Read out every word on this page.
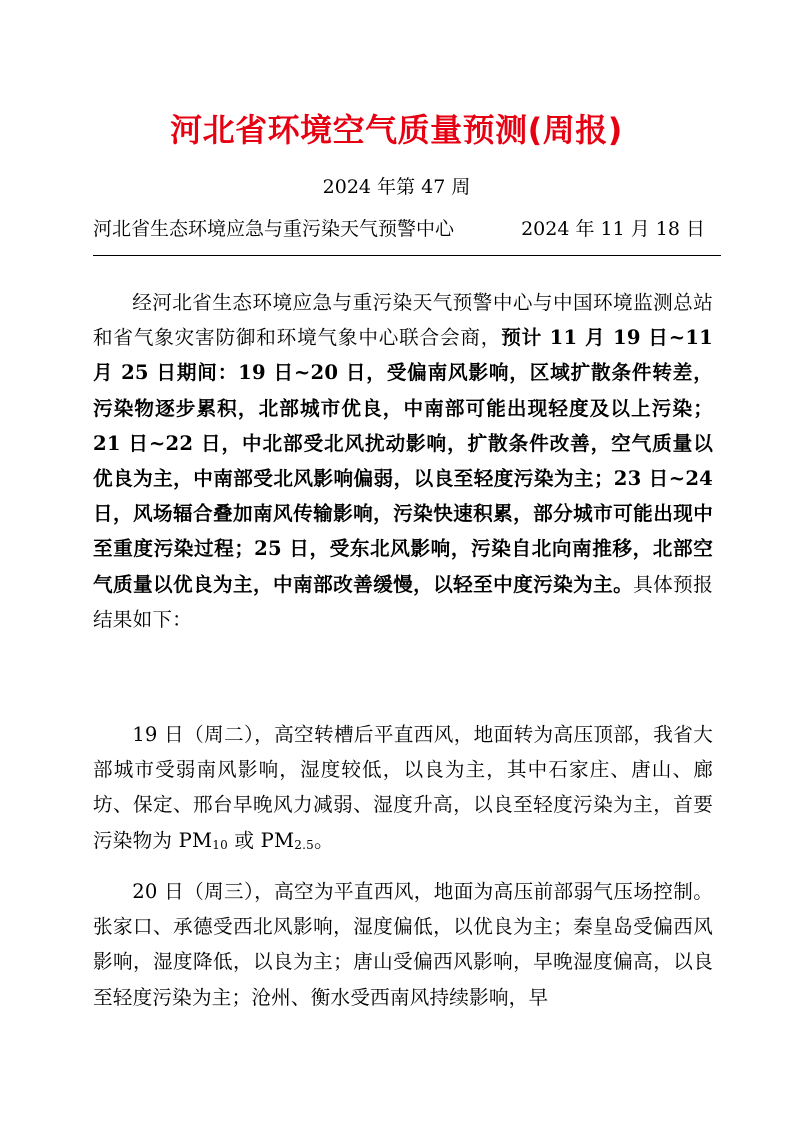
河北省环境空气质量预测(周报)
2024 年第 47 周
河北省生态环境应急与重污染天气预警中心	2024 年 11 月 18 日

经河北省生态环境应急与重污染天气预警中心与中国环境监测总站和省气象灾害防御和环境气象中心联合会商，预计 11 月 19 日~11 月 25 日期间：19 日~20 日，受偏南风影响，区域扩散条件转差，污染物逐步累积，北部城市优良，中南部可能出现轻度及以上污染；21 日~22 日，中北部受北风扰动影响，扩散条件改善，空气质量以优良为主，中南部受北风影响偏弱，以良至轻度污染为主；23 日~24 日，风场辐合叠加南风传输影响，污染快速积累，部分城市可能出现中至重度污染过程；25 日，受东北风影响，污染自北向南推移，北部空气质量以优良为主，中南部改善缓慢，以轻至中度污染为主。具体预报结果如下：

19 日（周二），高空转槽后平直西风，地面转为高压顶部，我省大部城市受弱南风影响，湿度较低，以良为主，其中石家庄、唐山、廊坊、保定、邢台早晚风力减弱、湿度升高，以良至轻度污染为主，首要污染物为 $PM_{10}$ 或 $PM_{2.5}$。

20 日（周三），高空为平直西风，地面为高压前部弱气压场控制。张家口、承德受西北风影响，湿度偏低，以优良为主；秦皇岛受偏西风影响，湿度降低，以良为主；唐山受偏西风影响，早晚湿度偏高，以良至轻度污染为主；沧州、衡水受西南风持续影响，早
